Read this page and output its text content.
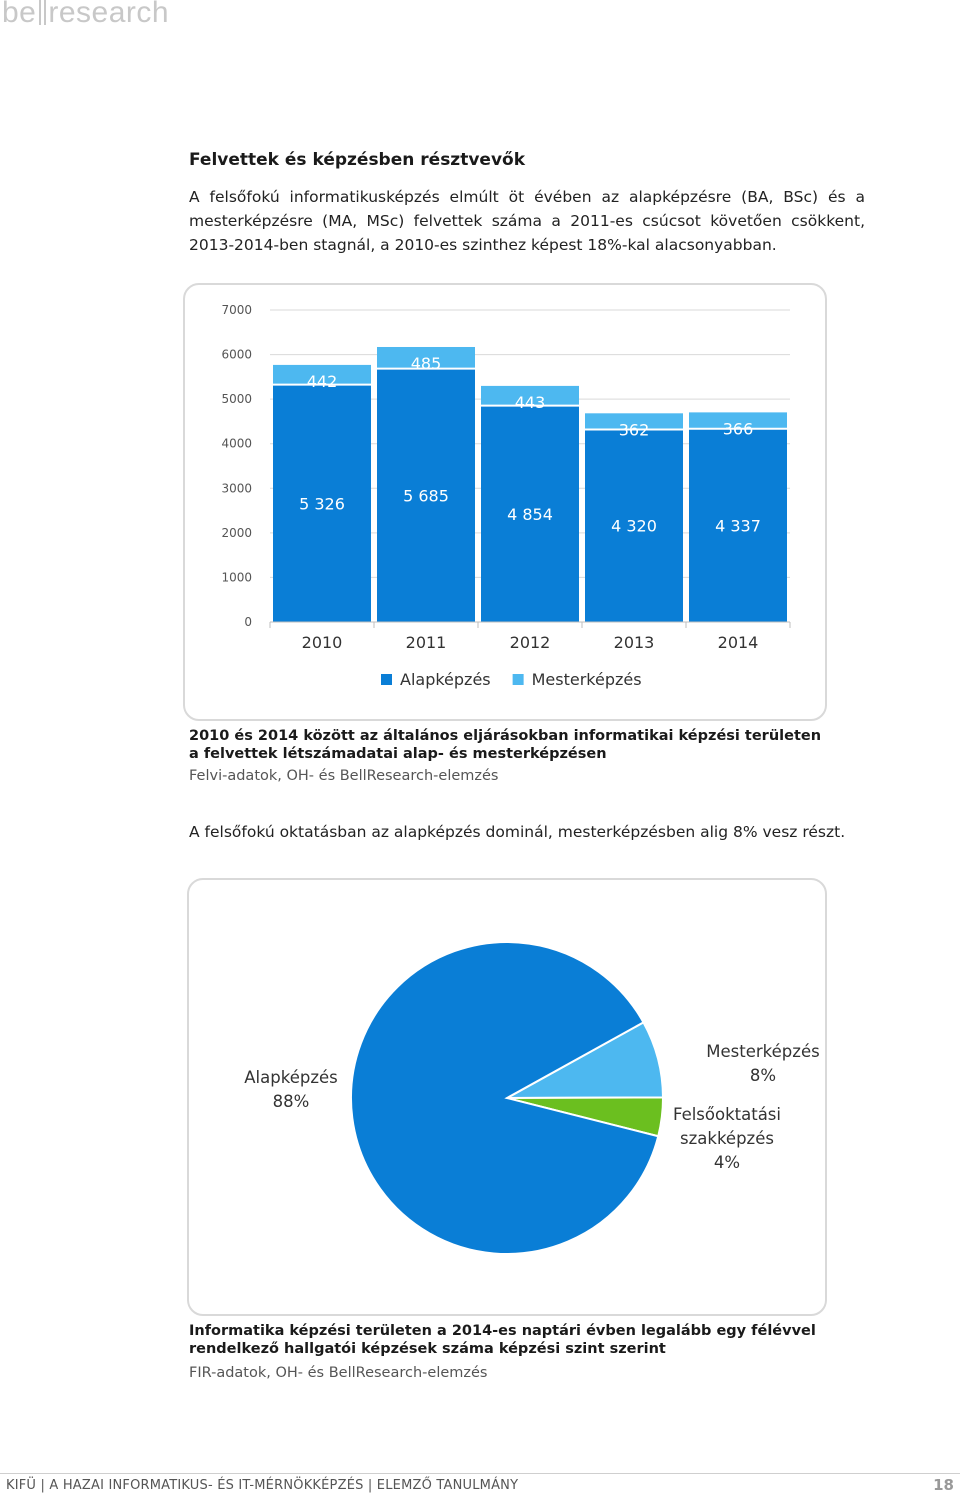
be research
Felvettek és képzésben résztvevők

A felsőfokú informatikusképzés elmúlt öt évében az alapképzésre (BA, BSc) és a mesterképzésre (MA, MSc) felvettek száma a 2011-es csúcsot követően csökkent, 2013-2014-ben stagnál, a 2010-es szinthez képest 18%-kal alacsonyabban.

0
1000
2000
3000
4000
5000
6000
7000
5 326
442
2010
5 685
485
2011
4 854
443
2012
4 320
362
2013
4 337
366
2014
Alapképzés	Mesterképzés

2010 és 2014 között az általános eljárásokban informatikai képzési területen a felvettek létszámadatai alap- és mesterképzésen

Felvi-adatok, OH- és BellResearch-elemzés

A felsőfokú oktatásban az alapképzés dominál, mesterképzésben alig 8% vesz részt.

Alapképzés
88%
Mesterképzés
8%
Felsőoktatási
szakképzés
4%

Informatika képzési területen a 2014-es naptári évben legalább egy félévvel rendelkező hallgatói képzések száma képzési szint szerint

FIR-adatok, OH- és BellResearch-elemzés

KIFÜ | A HAZAI INFORMATIKUS- ÉS IT-MÉRNÖKKÉPZÉS | ELEMZŐ TANULMÁNY	18
